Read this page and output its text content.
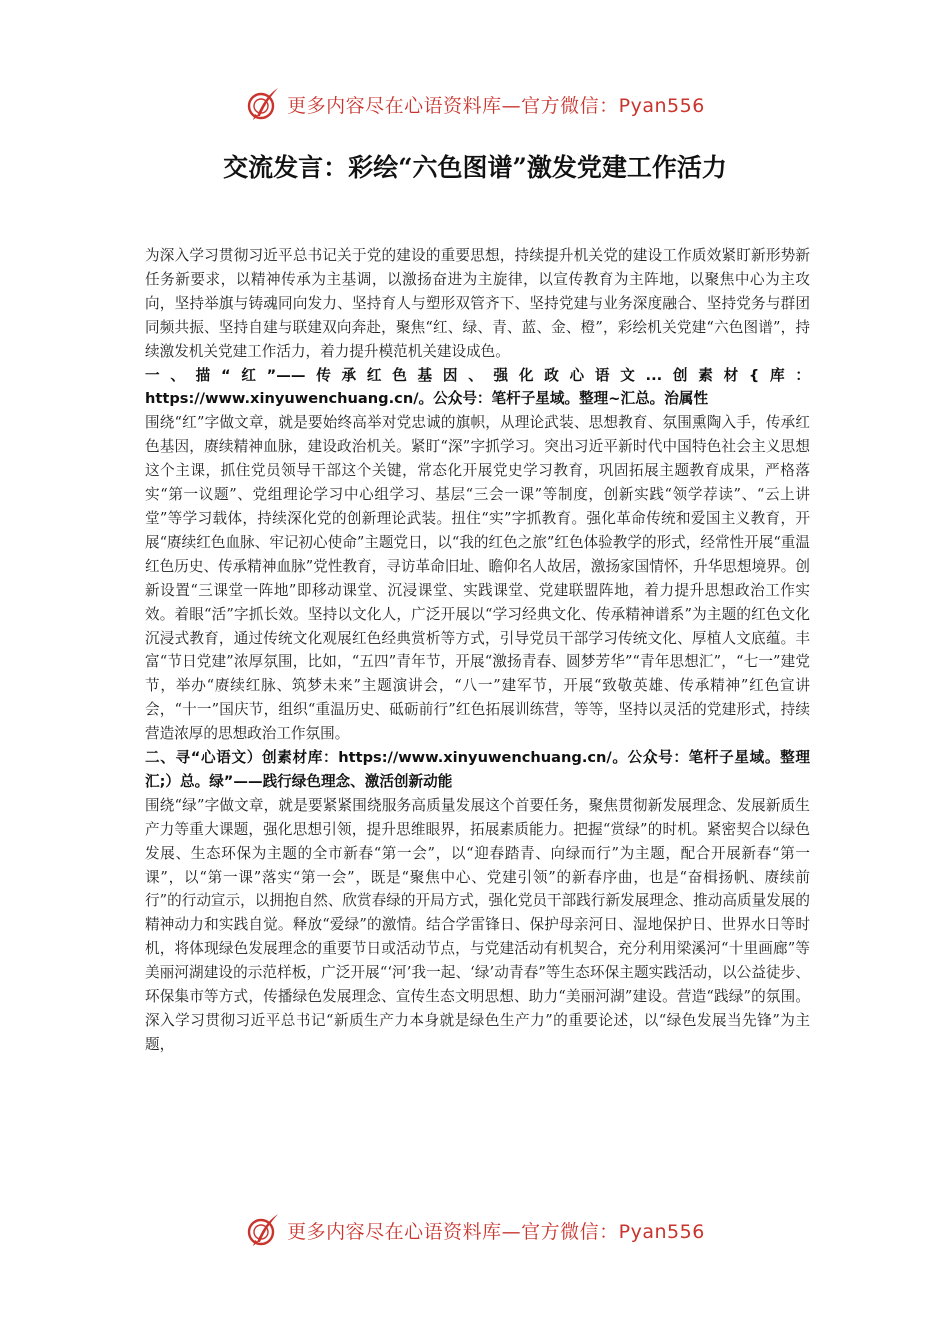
更多内容尽在心语资料库—官方微信：Pyan556
交流发言：彩绘“六色图谱”激发党建工作活力

为深入学习贯彻习近平总书记关于党的建设的重要思想，持续提升机关党的建设工作质效紧盯新形势新任务新要求，以精神传承为主基调，以激扬奋进为主旋律，以宣传教育为主阵地，以聚焦中心为主攻向，坚持举旗与铸魂同向发力、坚持育人与塑形双管齐下、坚持党建与业务深度融合、坚持党务与群团同频共振、坚持自建与联建双向奔赴，聚焦“红、绿、青、蓝、金、橙”，彩绘机关党建“六色图谱”，持续激发机关党建工作活力，着力提升模范机关建设成色。

一、描“红”——传承红色基因、强化政心语文...创素材{库：https://www.xinyuwenchuang.cn/。公众号：笔杆子星域。整理~汇总。治属性

围绕“红”字做文章，就是要始终高举对党忠诚的旗帜，从理论武装、思想教育、氛围熏陶入手，传承红色基因，赓续精神血脉，建设政治机关。紧盯“深”字抓学习。突出习近平新时代中国特色社会主义思想这个主课，抓住党员领导干部这个关键，常态化开展党史学习教育，巩固拓展主题教育成果，严格落实“第一议题”、党组理论学习中心组学习、基层“三会一课”等制度，创新实践“领学荐读”、“云上讲堂”等学习载体，持续深化党的创新理论武装。扭住“实”字抓教育。强化革命传统和爱国主义教育，开展“赓续红色血脉、牢记初心使命”主题党日，以“我的红色之旅”红色体验教学的形式，经常性开展“重温红色历史、传承精神血脉”党性教育，寻访革命旧址、瞻仰名人故居，激扬家国情怀，升华思想境界。创新设置“三课堂一阵地”即移动课堂、沉浸课堂、实践课堂、党建联盟阵地，着力提升思想政治工作实效。着眼“活”字抓长效。坚持以文化人，广泛开展以“学习经典文化、传承精神谱系”为主题的红色文化沉浸式教育，通过传统文化观展红色经典赏析等方式，引导党员干部学习传统文化、厚植人文底蕴。丰富“节日党建”浓厚氛围，比如，“五四”青年节，开展“激扬青春、圆梦芳华”“青年思想汇”，“七一”建党节，举办“赓续红脉、筑梦未来”主题演讲会，“八一”建军节，开展“致敬英雄、传承精神”红色宣讲会，“十一”国庆节，组织“重温历史、砥砺前行”红色拓展训练营，等等，坚持以灵活的党建形式，持续营造浓厚的思想政治工作氛围。

二、寻“心语文）创素材库：https://www.xinyuwenchuang.cn/。公众号：笔杆子星域。整理汇;）总。绿”——践行绿色理念、激活创新动能

围绕“绿”字做文章，就是要紧紧围绕服务高质量发展这个首要任务，聚焦贯彻新发展理念、发展新质生产力等重大课题，强化思想引领，提升思维眼界，拓展素质能力。把握“赏绿”的时机。紧密契合以绿色发展、生态环保为主题的全市新春“第一会”，以“迎春踏青、向绿而行”为主题，配合开展新春“第一课”，以“第一课”落实“第一会”，既是“聚焦中心、党建引领”的新春序曲，也是“奋楫扬帆、赓续前行”的行动宣示，以拥抱自然、欣赏春绿的开局方式，强化党员干部践行新发展理念、推动高质量发展的精神动力和实践自觉。释放“爱绿”的激情。结合学雷锋日、保护母亲河日、湿地保护日、世界水日等时机，将体现绿色发展理念的重要节日或活动节点，与党建活动有机契合，充分利用梁溪河“十里画廊”等美丽河湖建设的示范样板，广泛开展“‘河’我一起、‘绿’动青春”等生态环保主题实践活动，以公益徒步、环保集市等方式，传播绿色发展理念、宣传生态文明思想、助力“美丽河湖”建设。营造“践绿”的氛围。深入学习贯彻习近平总书记“新质生产力本身就是绿色生产力”的重要论述，以“绿色发展当先锋”为主题，

更多内容尽在心语资料库—官方微信：Pyan556
